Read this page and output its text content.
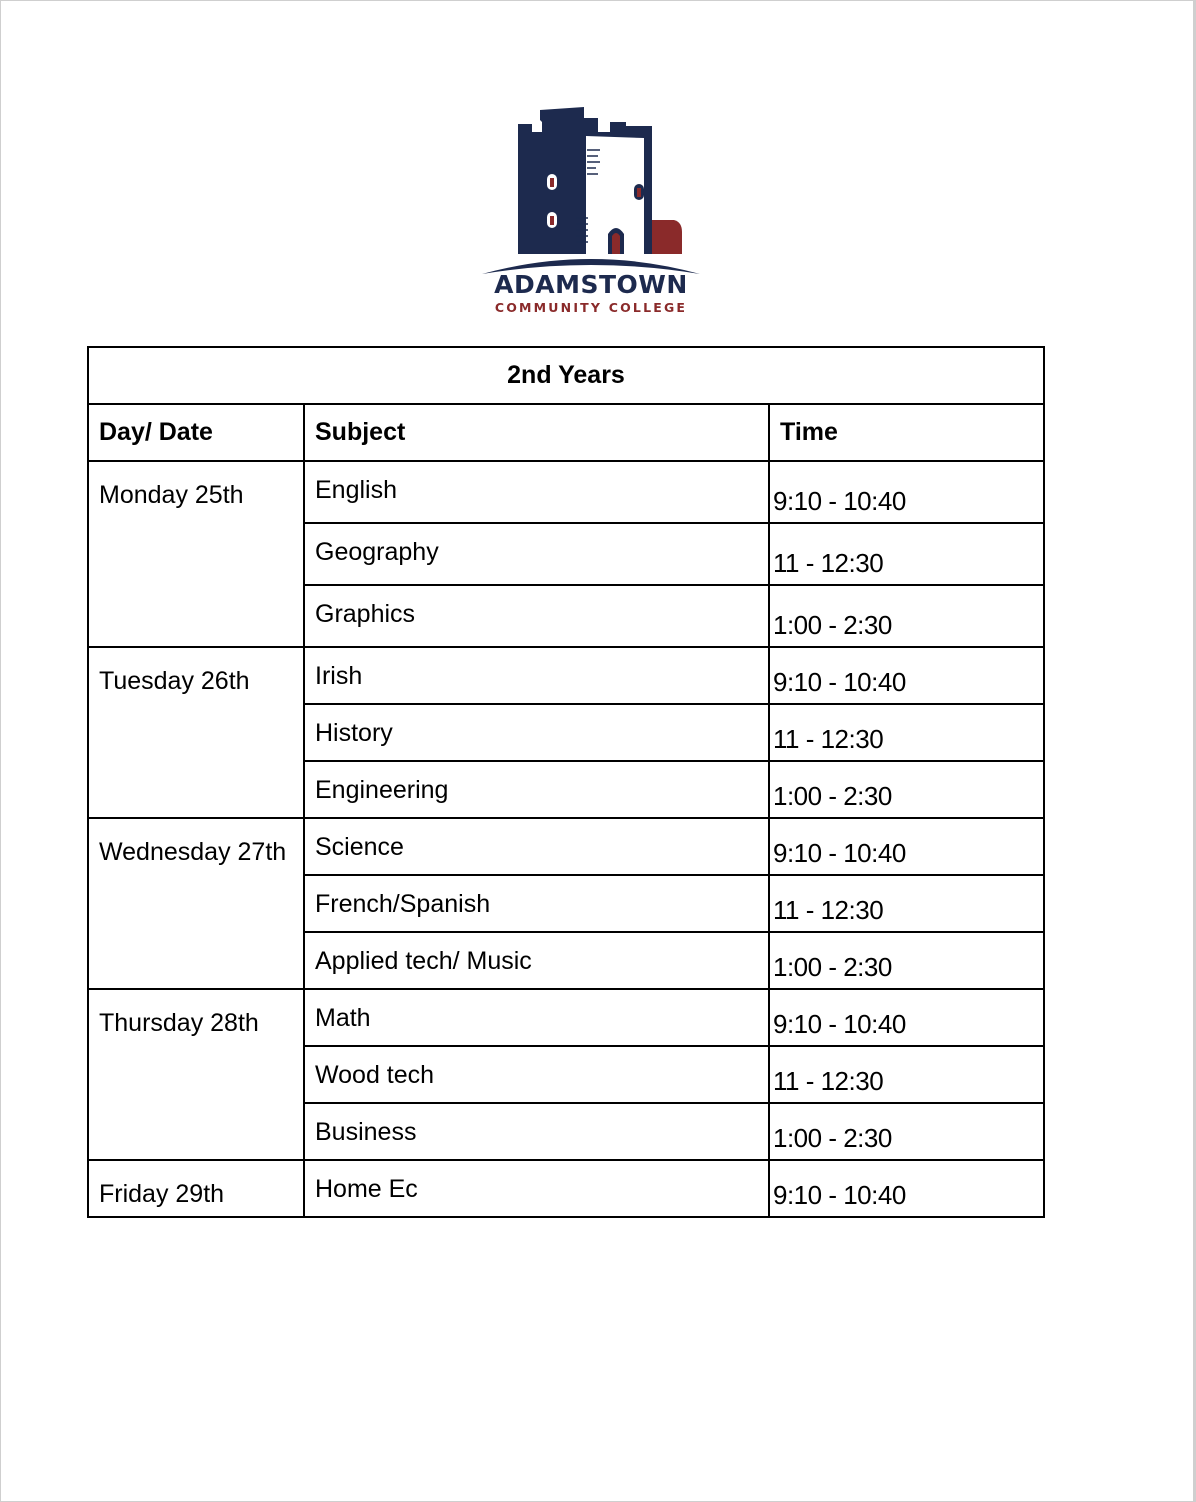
ADAMSTOWN
COMMUNITY COLLEGE
2nd Years		
Day/ Date	Subject	Time
Monday 25th	English	9:10 - 10:40
	Geography	11 - 12:30
	Graphics	1:00 - 2:30
Tuesday 26th	Irish	9:10 - 10:40
	History	11 - 12:30
	Engineering	1:00 - 2:30
Wednesday 27th	Science	9:10 - 10:40
	French/Spanish	11 - 12:30
	Applied tech/ Music	1:00 - 2:30
Thursday 28th	Math	9:10 - 10:40
	Wood tech	11 - 12:30
	Business	1:00 - 2:30
Friday 29th	Home Ec	9:10 - 10:40
